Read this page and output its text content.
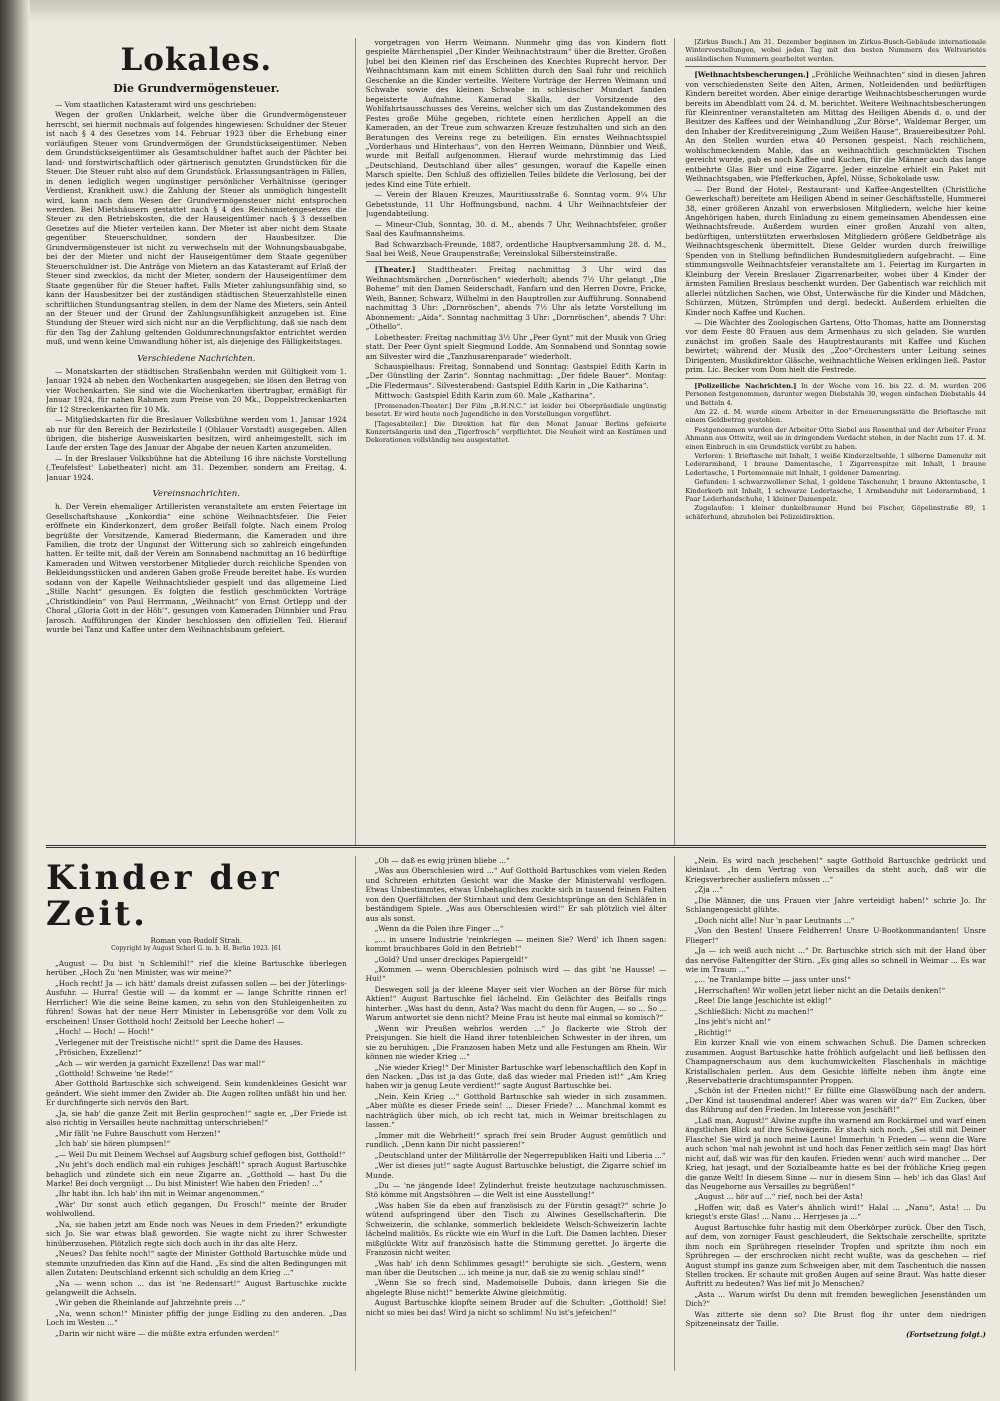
Lokales.
Die Grundvermögensteuer.

— Vom staatlichen Katasteramt wird uns geschrieben:

Wegen der großen Unklarheit, welche über die Grundvermögensteuer herrscht, sei hiermit nochmals auf folgendes hingewiesen: Schuldner der Steuer ist nach § 4 des Gesetzes vom 14. Februar 1923 über die Erhebung einer vorläufigen Steuer vom Grundvermögen der Grundstückseigentümer. Neben dem Grundstückseigentümer als Gesamtschuldner haftet auch der Pächter bei land- und forstwirtschaftlich oder gärtnerisch genutzten Grundstücken für die Steuer. Die Steuer ruht also auf dem Grundstück. Erlassungsanträgen in Fällen, in denen lediglich wegen ungünstiger persönlicher Verhältnisse (geringer Verdienst, Krankheit usw.) die Zahlung der Steuer als unmöglich hingestellt wird, kann nach dem Wesen der Grundvermögensteuer nicht entsprochen werden. Bei Mietshäusern gestattet nach § 4 des Reichsmietengesetzes die Steuer zu den Betriebskosten, die der Hauseigentümer nach § 3 desselben Gesetzes auf die Mieter verteilen kann. Der Mieter ist aber nicht dem Staate gegenüber Steuerschuldner, sondern der Hausbesitzer. Die Grundvermögensteuer ist nicht zu verwechseln mit der Wohnungsbauabgabe, bei der der Mieter und nicht der Hauseigentümer dem Staate gegenüber Steuerschuldner ist. Die Anträge von Mietern an das Katasteramt auf Erlaß der Steuer sind zwecklos, da nicht der Mieter, sondern der Hauseigentümer dem Staate gegenüber für die Steuer haftet. Falls Mieter zahlungsunfähig sind, so kann der Hausbesitzer bei der zuständigen städtischen Steuerzahlstelle einen schriftlichen Stundungsantrag stellen, in dem der Name des Mieters, sein Anteil an der Steuer und der Grund der Zahlungsunfähigkeit anzugeben ist. Eine Stundung der Steuer wird sich nicht nur an die Verpflichtung, daß sie nach dem für den Tag der Zahlung geltenden Goldumrechnungsfaktor entrichtet werden muß, und wenn keine Umwandlung höher ist, als diejenige des Fälligkeitstages.

Verschiedene Nachrichten.

— Monatskarten der städtischen Straßenbahn werden mit Gültigkeit vom 1. Januar 1924 ab neben den Wochenkarten ausgegeben; sie lösen den Betrag von vier Wochenkarten. Sie sind wie die Wochenkarten übertragbar, ermäßigt für Januar 1924, für nahen Rahmen zum Preise von 20 Mk., Doppelstreckenkarten für 12 Streckenkarten für 10 Mk.

— Mitgliedskarten für die Breslauer Volksbühne werden vom 1. Januar 1924 ab nur für den Bereich der Bezirksteile I (Ohlauer Vorstadt) ausgegeben. Allen übrigen, die bisherige Ausweiskarten besitzen, wird anheimgestellt, sich im Laufe der ersten Tage des Januar der Abgabe der neuen Karten anzumelden.

— In der Breslauer Volksbühne hat die Abteilung 16 ihre nächste Vorstellung (‚Teufelsfest' Lobetheater) nicht am 31. Dezember, sondern am Freitag, 4. Januar 1924.

Vereinsnachrichten.

h. Der Verein ehemaliger Artilleristen veranstaltete am ersten Feiertage im Gesellschaftshause „Konkordia“ eine schöne Weihnachtsfeier. Die Feier eröffnete ein Kinderkonzert, dem großer Beifall folgte. Nach einem Prolog begrüßte der Vorsitzende, Kamerad Biedermann, die Kameraden und ihre Familien, die trotz der Ungunst der Witterung sich so zahlreich eingefunden hatten. Er teilte mit, daß der Verein am Sonnabend nachmittag an 16 bedürftige Kameraden und Witwen verstorbener Mitglieder durch reichliche Spenden von Bekleidungsstücken und anderen Gaben große Freude bereitet habe. Es wurden sodann von der Kapelle Weihnachtslieder gespielt und das allgemeine Lied „Stille Nacht“ gesungen. Es folgten die festlich geschmückten Vorträge „Christkindlein“ von Paul Herrmann, „Weihnacht“ von Ernst Ortlepp und der Choral „Gloria Gott in der Höh'“, gesungen vom Kameraden Dünnbier und Frau Jarosch. Aufführungen der Kinder beschlossen den offiziellen Teil. Hierauf wurde bei Tanz und Kaffee unter dem Weihnachtsbaum gefeiert.

vorgetragen von Herrn Weimann. Nunmehr ging das von Kindern flott gespielte Märchenspiel „Der Kinder Weihnachtstraum“ über die Bretter. Großen Jubel bei den Kleinen rief das Erscheinen des Knechtes Ruprecht hervor. Der Weihnachtsmann kam mit einem Schlitten durch den Saal fuhr und reichlich Geschenke an die Kinder verteilte. Weitere Vorträge der Herren Weimann und Schwabe sowie des kleinen Schwabe in schlesischer Mundart fanden begeisterte Aufnahme. Kamerad Skalla, der Vorsitzende des Wohlfahrtsausschusses des Vereins, welcher sich um das Zustandekommen des Festes große Mühe gegeben, richtete einen herzlichen Appell an die Kameraden, an der Treue zum schwarzen Kreuze festzuhalten und sich an den Beratungen des Vereins rege zu beteiligen. Ein ernstes Weihnachtsspiel „Vorderhaus und Hinterhaus“, von den Herren Weimann, Dünnbier und Weiß, wurde mit Beifall aufgenommen. Hierauf wurde mehrstimmig das Lied „Deutschland, Deutschland über alles“ gesungen, worauf die Kapelle einen Marsch spielte. Den Schluß des offiziellen Teiles bildete die Verlosung, bei der jedes Kind eine Tüte erhielt.

— Verein der Blauen Kreuzes, Mauritiusstraße 6. Sonntag vorm. 9¼ Uhr Gebetsstunde, 11 Uhr Hoffnungsbund, nachm. 4 Uhr Weihnachtsfeier der Jugendabteilung.

— Mineur-Club, Sonntag, 30. d. M., abends 7 Uhr, Weihnachtsfeier, großer Saal des Kaufmannsheims.

Bad Schwarzbach-Freunde, 1887, ordentliche Hauptversammlung 28. d. M., Saal bei Weiß, Neue Graupenstraße; Vereinslokal Silbersteinstraße.

[Theater.] Stadttheater: Freitag nachmittag 3 Uhr wird das Weihnachtsmärchen „Dornröschen“ wiederholt; abends 7½ Uhr gelangt „Die Boheme“ mit den Damen Seiderschadt, Fanfarn und den Herren Dovre, Fricke, Weih, Banner, Schwarz, Wilhelmi in den Hauptrollen zur Aufführung. Sonnabend nachmittag 3 Uhr: „Dornröschen“, abends 7½ Uhr als letzte Vorstellung im Abonnement: „Aida“. Sonntag nachmittag 3 Uhr: „Dornröschen“, abends 7 Uhr: „Othello“.

Lobetheater: Freitag nachmittag 3½ Uhr „Peer Gynt“ mit der Musik von Grieg statt. Der Peer Gynt spielt Siegmund Lodde. Am Sonnabend und Sonntag sowie am Silvester wird die „Tanzhusarenparade“ wiederholt.

Schauspielhaus: Freitag, Sonnabend und Sonntag: Gastspiel Edith Karin in „Der Günstling der Zarin“. Sonntag nachmittag: „Der fidele Bauer“. Montag: „Die Fledermaus“. Silvesterabend: Gastspiel Edith Karin in „Die Katharina“.

Mittwoch: Gastspiel Edith Karin zum 60. Male „Katharina“.

[Promenaden-Theater.] Der Film „B.H.N.C.“ ist leider bei Oberpräsidiale ungünstig besetzt. Er wird heute noch Jugendliche in den Vorstellungen vorgeführt.

[Tagesabteiler.] Die Direktion hat für den Monat Januar Berlins gefeierte Konzertsängerin und den „Tigerfrosch“ verpflichtet. Die Neuheit wird an Kostümen und Dekorationen vollständig neu ausgestattet.

[Zirkus Busch.] Am 31. Dezember beginnen im Zirkus-Busch-Gebäude internationale Wintervorstellungen, wobei jeden Tag mit den besten Nummern des Weltvarietés ausländischen Nummern gearbeitet werden.

[Weihnachtsbescherungen.] „Fröhliche Weihnachten“ sind in diesen Jahren von verschiedensten Seite den Alten, Armen, Notleidenden und bedürftigen Kindern bereitet worden. Aber einige derartige Weihnachtsbescherungen wurde bereits im Abendblatt vom 24. d. M. berichtet. Weitere Weihnachtsbescherungen für Kleinrentner veranstalteten am Mittag des Heiligen Abends d. o. und der Besitzer des Kaffees und der Weinhandlung „Zur Börse“, Waldemar Berger, um den Inhaber der Kreditvereinigung „Zum Weißen Hause“, Brauereibesitzer Pohl. An den Stellen wurden etwa 40 Personen gespeist. Nach reichlichem, wohlschmeckendem Mahle, das an weihnachtlich geschmückten Tischen gereicht wurde, gab es noch Kaffee und Kuchen, für die Männer auch das lange entbehrte Glas Bier und eine Zigarre. Jeder einzelne erhielt ein Paket mit Weihnachtsgaben, wie Pfefferkuchen, Äpfel, Nüsse, Schokolade usw.

— Der Bund der Hotel-, Restaurant- und Kaffee-Angestellten (Christliche Gewerkschaft) bereitete am Heiligen Abend in seiner Geschäftsstelle, Hummerei 38, einer größeren Anzahl von erwerbslosen Mitgliedern, welche hier keine Angehörigen haben, durch Einladung zu einem gemeinsamen Abendessen eine Weihnachtsfreude. Außerdem wurden einer großen Anzahl von alten, bedürftigen, unterstützten erwerbslosen Mitgliedern größere Geldbeträge als Weihnachtsgeschenk übermittelt. Diese Gelder wurden durch freiwillige Spenden von in Stellung befindlichen Bundesmitgliedern aufgebracht. — Eine stimmungsvolle Weihnachtsfeier veranstaltete am 1. Feiertag im Kurgarten in Kleinburg der Verein Breslauer Zigarrenarbeiter, wobei über 4 Kinder der ärmsten Familien Breslaus beschenkt wurden. Der Gabentisch war reichlich mit allerlei nützlichen Sachen, wie Obst, Unterwäsche für die Kinder und Mädchen, Schürzen, Mützen, Strümpfen und dergl. bedeckt. Außerdem erhielten die Kinder noch Kaffee und Kuchen.

— Die Wächter des Zoologischen Gartens, Otto Thomas, hatte am Donnerstag vor dem Feste 80 Frauen aus dem Armenhaus zu sich geladen. Sie wurden zunächst im großen Saale des Hauptrestaurants mit Kaffee und Kuchen bewirtet; während der Musik des „Zoo“-Orchesters unter Leitung seines Dirigenten, Musikdirektor Gläsche, weihnachtliche Weisen erklingen ließ. Pastor prim. Lic. Becker vom Dom hielt die Festrede.

[Polizeiliche Nachrichten.] In der Woche vom 16. bis 22. d. M. wurden 206 Personen festgenommen, darunter wegen Diebstahls 30, wegen einfachen Diebstahls 44 und Betteln 4.

Am 22. d. M. wurde einem Arbeiter in der Erneuerungsstätte die Brieftasche mit einem Geldbetrag gestohlen.

Festgenommen wurden der Arbeiter Otto Siebel aus Rosenthal und der Arbeiter Franz Ahmann aus Ottwitz, weil sie in dringendem Verdacht stehen, in der Nacht zum 17. d. M. einen Einbruch in ein Grundstück verübt zu haben.

Verloren: 1 Brieftasche mit Inhalt, 1 weiße Kinderzeltsohle, 1 silberne Damenuhr mit Lederarmband, 1 braune Damentasche, 1 Zigarrenspitze mit Inhalt, 1 braune Ledertasche, 1 Portemonnaie mit Inhalt, 1 goldener Damenring.

Gefunden: 1 schwarzwollener Schal, 1 goldene Taschenuhr, 1 braune Aktentasche, 1 Kinderkorb mit Inhalt, 1 schwarze Ledertasche, 1 Armbanduhr mit Lederarmband, 1 Paar Lederhandschuhe, 1 kleiner Damenpelz.

Zugelaufen: 1 kleiner dunkelbrauner Hund bei Fischer, Göpelinstraße 89, 1 schäferhund, abzuholen bei Polizeidirektion.

Kinder der Zeit.
Roman von Rudolf Strah.
Copyright by August Scherl G. m. b. H. Berlin 1923. [61

„August — Du bist 'n Schlemihl!“ rief die kleine Bartuschke überlegen herüber. „Hoch Zu 'nen Minister, was wir meine?“

„Hoch recht! Ja — ich hätt' damals dreist zufassen sollen — bei der Jüterlings-Ausfuhr. — Hurra! Gestie will — da kommt er — lange Schritte rinnen er! Herrlicher! Wie die seine Beine kamen, zu sehn von den Stuhleigenheiten zu führen! Sowas hat der neue Herr Minister in Lebensgröße vor dem Volk zu erscheinen! Unser Gotthold hoch! Zeitsold ber Leeche hoher! —

„Hoch! — Hoch! — Hoch!“

„Verlegener mit der Treistische nicht!“ sprit die Dame des Hauses.

„Prösichen, Exzellenz!“

„Ach — wir werden ja garnicht Exzellenz! Das war mal!“

„Gotthold! Schweine 'ne Rede!“

Aber Gotthold Bartuschke sich schweigend. Sein kundenkleines Gesicht war geändert. Wie sieht immer den Zwider ab. Die Augen rollten unfäßt hin und her. Er durchfingerte sich nervös den Bart.

„Ja, sie hab' die ganze Zeit mit Berlin gesprochen!“ sagte er, „Der Friede ist also richtig in Versailles heute nachmittag unterschrieben!“

„Mir fällt 'ne Fuhre Bauschutt vom Herzen!“

„Ich hab' sie hören plumpsen!“

„— Weil Du mit Deinem Wechsel auf Augsburg schief geflogen bist, Gotthold!“

„Nu jeht's doch endlich mal ein ruhiges Jeschäft!“ sprach August Bartuschke behaglich und zündete sich ein neue Zigarre an. „Gotthold — hast Du die Marke! Bei doch vergnügt ... Du bist Minister! Wie haben den Frieden! ...“

„Ihr habt ihn. Ich hab' ihn mit in Weimar angenommen.“

„Wär' Dir sonst auch etlich gegangen, Du Frosch!“ meinte der Bruder wohlwollend.

„Na, sie haben jetzt am Ende noch was Neues in dem Frieden?“ erkundigte sich Jo. Sie war etwas blaß geworden. Sie wagte nicht zu ihrer Schwester hinüberzusehen. Plötzlich regte sich doch auch in ihr das alte Herz.

„Neues? Das fehlte noch!“ sagte der Minister Gotthold Bartuschke müde und stemmte unzufrieden das Kinn auf die Hand. „Es sind die alten Bedingungen mit allen Zutaten: Deutschland erkennt sich schuldig an dem Krieg ...“

„Na — wenn schon ... das ist 'ne Redensart!“ August Bartuschke zuckte gelangweilt die Achseln.

„Wir geben die Rheinlande auf Jahrzehnte preis ...“

„Na, wenn schon!“ Minister pfiffig der junge Eidling zu den anderen. „Das Loch im Westen ...“

„Darin wir nicht wäre — die müßte extra erfunden werden!“

„Oh — daß es ewig jrünen bliebe ...“

„Was aus Oberschlesien wird ...“ Auf Gotthold Bartuschkes vom vielen Reden und Schreien erhitzten Gesicht war die Maske der Ministerwahl verflogen. Etwas Unbestimmtes, etwas Unbehagliches zuckte sich in tausend feinen Falten von den Querfältchen der Stirnhaut und dem Gesichtsprünge an den Schläfen in beständigem Spiele. „Was aus Oberschlesien wird!“ Er sah plötzlich viel älter aus als sonst.

„Wenn da die Polen ihre Finger ...“

„... in unsere Industrie 'reinkriegen — meinen Sie? Werd' ich Ihnen sagen: kommt brauchbares Gold in den Betrieb!“

„Gold? Und unser dreckiges Papiergeld!“

„Kommen — wenn Oberschlesien polnisch wird — das gibt 'ne Hausse! — Hui!“

Deswegen soll ja der kleene Mayer seit vier Wochen an der Börse für mich Aktien!“ August Bartuschke fiel lächelnd. Ein Gelächter des Beifalls rings hinterher. „Was hast du denn, Asta? Was macht du denn für Augen, — so ... So ... Warum antwortet sie denn nicht? Meine Frau ist heute mal einmal so komisch?“

„Wenn wir Preußen wehrlos werden ...“ Jo flackerte wie Stroh der Preisjungen. Sie hielt die Hand ihrer totenbleichen Schwester in der ihren, um sie zu beruhigen. „Die Franzosen haben Metz und alle Festungen am Rhein. Wir können nie wieder Krieg ...“

„Nie wieder Krieg!“ Der Minister Bartuschke warf lebenschaftlich den Kopf in den Nacken. „Das ist ja das Gute, daß das wieder mal Frieden ist!“ „Am Krieg haben wir ja genug Leute verdient!“ sagte August Bartuschke bei.

„Nein. Kein Krieg ...“ Gotthold Bartuschke sah wieder in sich zusammen. „Aber müßte es dieser Friede sein! ... Dieser Friede? ... Manchmal kommt es nachträglich über mich, ob ich recht tat, mich in Weimar breitschlagen zu lassen.“

„Immer mit die Wehrheit!“ sprach frei sein Bruder August gemütlich und rundlich. „Denn kann Dir nicht passieren!“

„Deutschland unter der Militärrolle der Negerrepubliken Haiti und Liberia ...“

„Wer ist dieses jut!“ sagte August Bartuschke belustigt, die Zigarre schief im Munde.

„Du — 'ne jängende Idee! Zylinderhut freiste heutzutage nachzuschmissen. Stö kömme mit Angstsöhren — die Welt ist eine Ausstellung!“

„Was haben Sie da eben auf französisch zu der Fürstin gesagt?“ schrie Jo wütend aufspringend über den Tisch zu Alwines Gesellschafterin. Die Schweizerin, die schlanke, sommerlich bekleidete Welsch-Schweizerin lachte lächelnd malitiös. Es rückte wie ein Wurf in die Luft. Die Damen lachten. Dieser mißglückte Witz auf französisch hatte die Stimmung gerettet. Jo ärgerte die Franzosin nicht weiter.

„Was hab' ich denn Schlimmes gesagt!“ beruhigte sie sich. „Gestern, wenn man über die Deutschen ... ich meine ja nur, daß sie zu wenig schlau sind!“

„Wenn Sie so frech sind, Mademoiselle Dubois, dann kriegen Sie die abgelegte Bluse nicht!“ bemerkte Alwine gleichmütig.

August Bartuschke klopfte seinem Bruder auf die Schulter: „Gotthold! Sie! nicht so mies bei das! Wird ja nicht so schlimm! Nu ist's jefeichen!“

„Nein. Es wird nach jeschehen!“ sagte Gotthold Bartuschke gedrückt und kleinlaut. „In dem Vertrag von Versailles da steht auch, daß wir die Kriegsverbrecher ausliefern müssen ...“

„Zja ...“

„Die Männer, die uns Frauen vier Jahre verteidigt haben!“ schrie Jo. Ihr Schlangengesicht glühte.

„Doch nicht alle! Nur 'n paar Leutnants ...“

„Von den Besten! Unsere Feldherren! Unsre U-Bootkommandanten! Unsre Flieger!“

„Ja — ich weiß auch nicht ...“ Dr. Bartuschke strich sich mit der Hand über das nervöse Faltengitter der Stirn. „Es ging alles so schnell in Weimar ... Es war wie im Traum ...“

„... 'ne Tranlampe bitte — jass unter uns!“

„Herrschaften! Wir wollen jetzt lieber nicht an die Details denken!“

„Ree! Die lange Jeschichte ist eklig!“

„Schließlich: Nicht zu machen!“

„Ins jeht's nicht an!“

„Richtig!“

Ein kurzer Knall wie von einem schwachen Schuß. Die Damen schrecken zusammen. August Bartuschke hatte fröhlich aufgelacht und ließ beflissen den Champagnerschaum aus dem kuchumwickelten Flaschenhals in mächtige Kristallschalen perlen. Aus dem Gesichte löffelte neben ihm ängte eine ‚Reservebatterie drachtumspannter Proppen.

„Schön ist der Frieden nicht!“ Er füllte eine Glaswölbung nach der andern. „Der Kind ist tausendmal anderer! Aber was waren wir da?“ Ein Zucken, über das Rührung auf den Frieden. Im Interesse von Jeschäft!“

„Laß man, August!“ Alwine zupfte ihn warnend am Rockärmel und warf einen ängstlichen Blick auf ihre Schwägerin. Er stach sich noch. „Sei still mit Deiner Flasche! Sie wird ja noch meine Laune! Immerhin 'n Frieden — wenn die Ware auch schon 'mal nah jewohnt ist und hoch das Fener zeitlich sein mag! Das hört nicht auf, daß wir was für den kaufen. Frieden wenn' auch wird mancher ... Der Krieg, hat jesagt, und der Sozialbeamte hatte es bei der fröhliche Krieg gegen die ganze Welt! In diesem Sinne — nur in diesem Sinn — heb' ich das Glas! Auf das Neugeborne aus Versailles zu begrüßen!“

„August ... hör auf ...“ rief, noch bei der Asta!

„Hoffen wir, daß es Vater's ähnlich wird!“ Halal ... „Nanu“, Asta! ... Du kriegst's erste Glas! ... Nanu ... Herrjeses ja ...“

August Bartuschke fuhr hastig mit dem Oberkörper zurück. Über den Tisch, auf dem, von zorniger Faust geschleudert, die Sektschale zerschellte, spritzte ihm noch ein Sprühregen rieselnder Tropfen und spritzte ihm noch ein Sprühregen — der erschrocken nicht recht wußte, was da geschehen — rief August stumpf ins ganze zum Schweigen aber, mit dem Taschentuch die nassen Stellen trocken. Er schaute mit großen Augen auf seine Braut. Was hatte dieser Auftritt zu bedeuten? Was lief mit Jo Menschen?

„Asta ... Warum wirfst Du denn mit fremden beweglichen Jesenständen um Dich?“

Was zitterte sie denn so? Die Brust flog ihr unter dem niedrigen Spitzeneinsatz der Taille.

(Fortsetzung folgt.)
